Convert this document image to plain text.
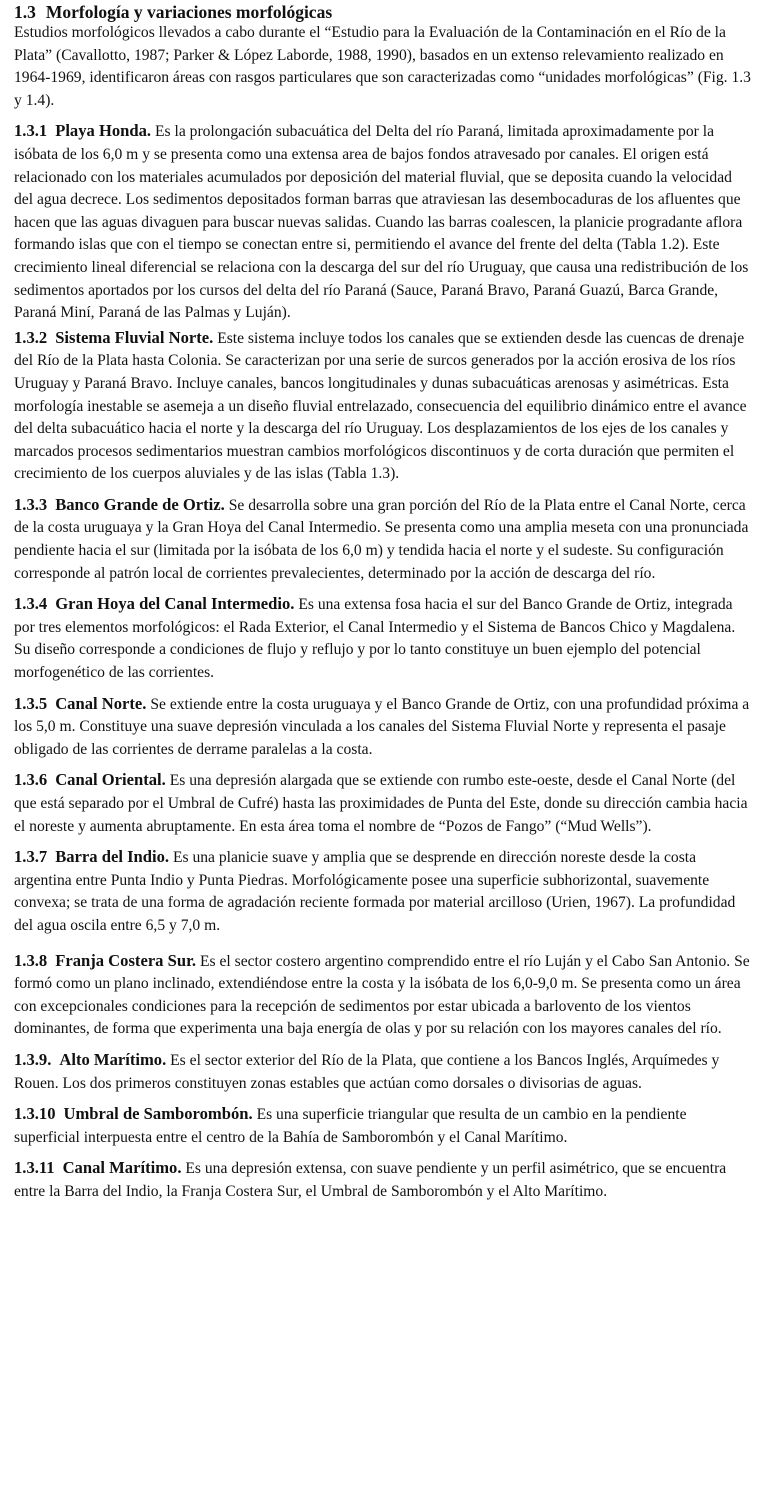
1.3 Morfología y variaciones morfológicas

Estudios morfológicos llevados a cabo durante el “Estudio para la Evaluación de la Contaminación en el Río de la Plata” (Cavallotto, 1987; Parker & López Laborde, 1988, 1990), basados en un extenso relevamiento realizado en 1964-1969, identificaron áreas con rasgos particulares que son caracterizadas como “unidades morfológicas” (Fig. 1.3 y 1.4).

1.3.1 Playa Honda. Es la prolongación subacuática del Delta del río Paraná, limitada aproximadamente por la isóbata de los 6,0 m y se presenta como una extensa area de bajos fondos atravesado por canales. El origen está relacionado con los materiales acumulados por deposición del material fluvial, que se deposita cuando la velocidad del agua decrece. Los sedimentos depositados forman barras que atraviesan las desembocaduras de los afluentes que hacen que las aguas divaguen para buscar nuevas salidas. Cuando las barras coalescen, la planicie progradante aflora formando islas que con el tiempo se conectan entre si, permitiendo el avance del frente del delta (Tabla 1.2). Este crecimiento lineal diferencial se relaciona con la descarga del sur del río Uruguay, que causa una redistribución de los sedimentos aportados por los cursos del delta del río Paraná (Sauce, Paraná Bravo, Paraná Guazú, Barca Grande, Paraná Miní, Paraná de las Palmas y Luján).

1.3.2 Sistema Fluvial Norte. Este sistema incluye todos los canales que se extienden desde las cuencas de drenaje del Río de la Plata hasta Colonia. Se caracterizan por una serie de surcos generados por la acción erosiva de los ríos Uruguay y Paraná Bravo. Incluye canales, bancos longitudinales y dunas subacuáticas arenosas y asimétricas. Esta morfología inestable se asemeja a un diseño fluvial entrelazado, consecuencia del equilibrio dinámico entre el avance del delta subacuático hacia el norte y la descarga del río Uruguay. Los desplazamientos de los ejes de los canales y marcados procesos sedimentarios muestran cambios morfológicos discontinuos y de corta duración que permiten el crecimiento de los cuerpos aluviales y de las islas (Tabla 1.3).

1.3.3 Banco Grande de Ortiz. Se desarrolla sobre una gran porción del Río de la Plata entre el Canal Norte, cerca de la costa uruguaya y la Gran Hoya del Canal Intermedio. Se presenta como una amplia meseta con una pronunciada pendiente hacia el sur (limitada por la isóbata de los 6,0 m) y tendida hacia el norte y el sudeste. Su configuración corresponde al patrón local de corrientes prevalecientes, determinado por la acción de descarga del río.

1.3.4 Gran Hoya del Canal Intermedio. Es una extensa fosa hacia el sur del Banco Grande de Ortiz, integrada por tres elementos morfológicos: el Rada Exterior, el Canal Intermedio y el Sistema de Bancos Chico y Magdalena. Su diseño corresponde a condiciones de flujo y reflujo y por lo tanto constituye un buen ejemplo del potencial morfogenético de las corrientes.

1.3.5 Canal Norte. Se extiende entre la costa uruguaya y el Banco Grande de Ortiz, con una profundidad próxima a los 5,0 m. Constituye una suave depresión vinculada a los canales del Sistema Fluvial Norte y representa el pasaje obligado de las corrientes de derrame paralelas a la costa.

1.3.6 Canal Oriental. Es una depresión alargada que se extiende con rumbo este-oeste, desde el Canal Norte (del que está separado por el Umbral de Cufré) hasta las proximidades de Punta del Este, donde su dirección cambia hacia el noreste y aumenta abruptamente. En esta área toma el nombre de “Pozos de Fango” (“Mud Wells”).

1.3.7 Barra del Indio. Es una planicie suave y amplia que se desprende en dirección noreste desde la costa argentina entre Punta Indio y Punta Piedras. Morfológicamente posee una superficie subhorizontal, suavemente convexa; se trata de una forma de agradación reciente formada por material arcilloso (Urien, 1967). La profundidad del agua oscila entre 6,5 y 7,0 m.

1.3.8 Franja Costera Sur. Es el sector costero argentino comprendido entre el río Luján y el Cabo San Antonio. Se formó como un plano inclinado, extendiéndose entre la costa y la isóbata de los 6,0-9,0 m. Se presenta como un área con excepcionales condiciones para la recepción de sedimentos por estar ubicada a barlovento de los vientos dominantes, de forma que experimenta una baja energía de olas y por su relación con los mayores canales del río.

1.3.9. Alto Marítimo. Es el sector exterior del Río de la Plata, que contiene a los Bancos Inglés, Arquímedes y Rouen. Los dos primeros constituyen zonas estables que actúan como dorsales o divisorias de aguas.

1.3.10 Umbral de Samborombón. Es una superficie triangular que resulta de un cambio en la pendiente superficial interpuesta entre el centro de la Bahía de Samborombón y el Canal Marítimo.

1.3.11 Canal Marítimo. Es una depresión extensa, con suave pendiente y un perfil asimétrico, que se encuentra entre la Barra del Indio, la Franja Costera Sur, el Umbral de Samborombón y el Alto Marítimo.
